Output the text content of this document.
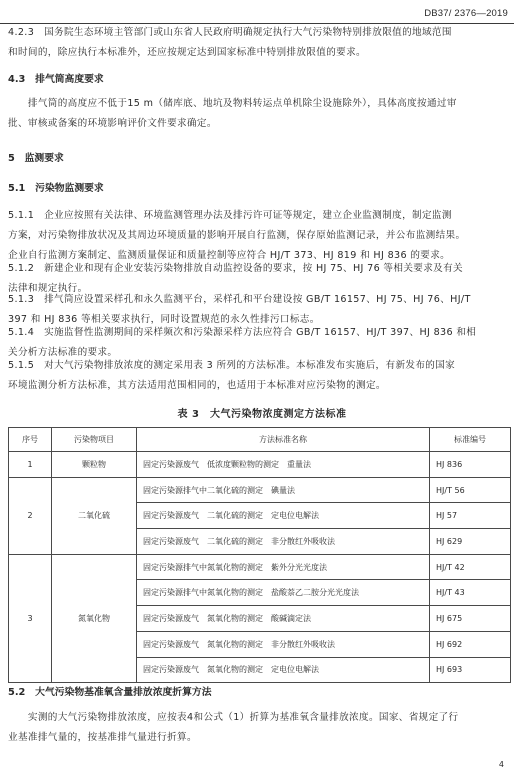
DB37/ 2376—2019
4.2.3　国务院生态环境主管部门或山东省人民政府明确规定执行大气污染物特别排放限值的地域范围
和时间的，除应执行本标准外，还应按规定达到国家标准中特别排放限值的要求。
4.3　排气筒高度要求
　　排气筒的高度应不低于15 m（储库底、地坑及物料转运点单机除尘设施除外），具体高度按通过审
批、审核或备案的环境影响评价文件要求确定。
5　监测要求
5.1　污染物监测要求
5.1.1　企业应按照有关法律、环境监测管理办法及排污许可证等规定，建立企业监测制度，制定监测
方案，对污染物排放状况及其周边环境质量的影响开展自行监测，保存原始监测记录，并公布监测结果。
企业自行监测方案制定、监测质量保证和质量控制等应符合 HJ/T 373、HJ 819 和 HJ 836 的要求。
5.1.2　新建企业和现有企业安装污染物排放自动监控设备的要求，按 HJ 75、HJ 76 等相关要求及有关
法律和规定执行。
5.1.3　排气筒应设置采样孔和永久监测平台，采样孔和平台建设按 GB/T 16157、HJ 75、HJ 76、HJ/T
397 和 HJ 836 等相关要求执行，同时设置规范的永久性排污口标志。
5.1.4　实施监督性监测期间的采样频次和污染源采样方法应符合 GB/T 16157、HJ/T 397、HJ 836 和相
关分析方法标准的要求。
5.1.5　对大气污染物排放浓度的测定采用表 3 所列的方法标准。本标准发布实施后，有新发布的国家
环境监测分析方法标准，其方法适用范围相同的，也适用于本标准对应污染物的测定。
表 3　大气污染物浓度测定方法标准
序号	污染物项目	方法标准名称	标准编号
1	颗粒物	固定污染源废气　低浓度颗粒物的测定　重量法	HJ 836
2	二氧化硫	固定污染源排气中二氧化硫的测定　碘量法	HJ/T 56
		固定污染源废气　二氧化硫的测定　定电位电解法	HJ 57
		固定污染源废气　二氧化硫的测定　非分散红外吸收法	HJ 629
3	氮氧化物	固定污染源排气中氮氧化物的测定　紫外分光光度法	HJ/T 42
		固定污染源排气中氮氧化物的测定　盐酸萘乙二胺分光光度法	HJ/T 43
		固定污染源废气　氮氧化物的测定　酸碱滴定法	HJ 675
		固定污染源废气　氮氧化物的测定　非分散红外吸收法	HJ 692
		固定污染源废气　氮氧化物的测定　定电位电解法	HJ 693
5.2　大气污染物基准氧含量排放浓度折算方法
　　实测的大气污染物排放浓度，应按表4和公式（1）折算为基准氧含量排放浓度。国家、省规定了行
业基准排气量的，按基准排气量进行折算。
4
